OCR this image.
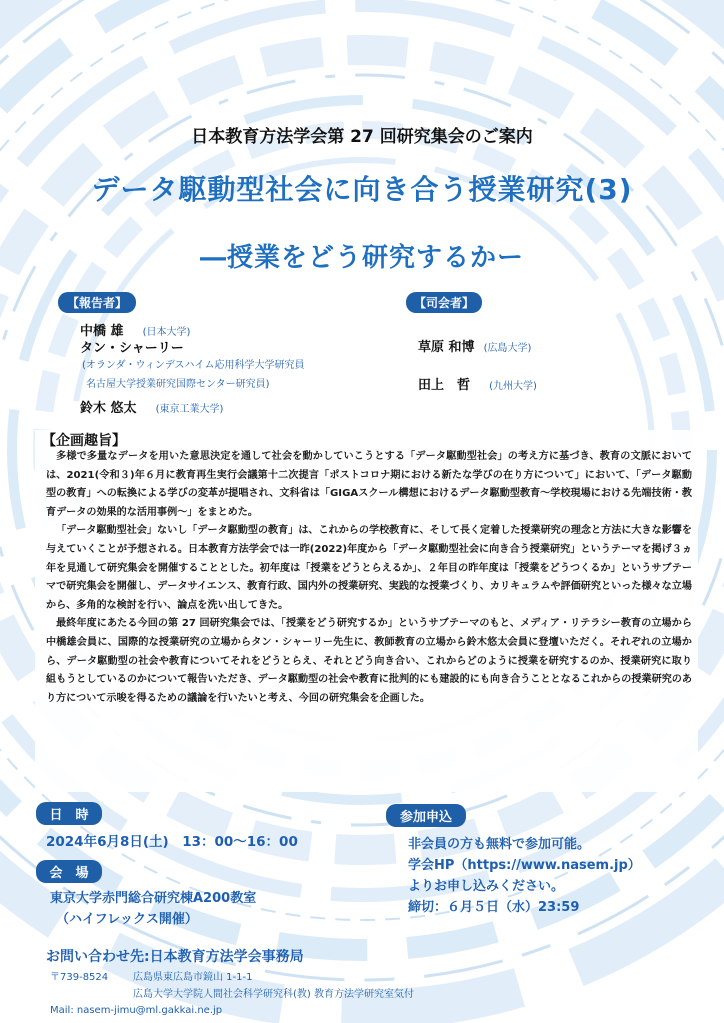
日本教育方法学会第 27 回研究集会のご案内
データ駆動型社会に向き合う授業研究(3)
―授業をどう研究するかー
【報告者】
中橋 雄 (日本大学)
タン・シャーリー
(オランダ・ウィンデスハイム応用科学大学研究員
名古屋大学授業研究国際センター研究員)
鈴木 悠太 (東京工業大学)
【司会者】
草原 和博 (広島大学)
田上　哲 (九州大学)
【企画趣旨】

多様で多量なデータを用いた意思決定を通して社会を動かしていこうとする「データ駆動型社会」の考え方に基づき、教育の文脈においては、2021(令和３)年６月に教育再生実行会議第十二次提言「ポストコロナ期における新たな学びの在り方について」において、「データ駆動型の教育」への転換による学びの変革が提唱され、文科省は「GIGAスクール構想におけるデータ駆動型教育～学校現場における先端技術・教育データの効果的な活用事例～」をまとめた。

「データ駆動型社会」ないし「データ駆動型の教育」は、これからの学校教育に、そして長く定着した授業研究の理念と方法に大きな影響を与えていくことが予想される。日本教育方法学会では一昨(2022)年度から「データ駆動型社会に向き合う授業研究」というテーマを掲げ３ヵ年を見通して研究集会を開催することとした。初年度は「授業をどうとらえるか」、２年目の昨年度は「授業をどうつくるか」というサブテーマで研究集会を開催し、データサイエンス、教育行政、国内外の授業研究、実践的な授業づくり、カリキュラムや評価研究といった様々な立場から、多角的な検討を行い、論点を洗い出してきた。

最終年度にあたる今回の第 27 回研究集会では、「授業をどう研究するか」というサブテーマのもと、メディア・リテラシー教育の立場から中橋雄会員に、国際的な授業研究の立場からタン・シャーリー先生に、教師教育の立場から鈴木悠太会員に登壇いただく。それぞれの立場から、データ駆動型の社会や教育についてそれをどうとらえ、それとどう向き合い、これからどのように授業を研究するのか、授業研究に取り組もうとしているのかについて報告いただき、データ駆動型の社会や教育に批判的にも建設的にも向き合うこととなるこれからの授業研究のあり方について示唆を得るための議論を行いたいと考え、今回の研究集会を企画した。

日　時
2024年6月8日(土)　13：00～16：00
会　場
東京大学赤門総合研究棟A200教室
（ハイフレックス開催）
参加申込
非会員の方も無料で参加可能。
学会HP（https://www.nasem.jp）
よりお申し込みください。
締切：６月５日（水）23:59
お問い合わせ先:日本教育方法学会事務局
〒739-8524 広島県東広島市鏡山 1-1-1
広島大学大学院人間社会科学研究科(教) 教育方法学研究室気付
Mail: nasem-jimu@ml.gakkai.ne.jp
